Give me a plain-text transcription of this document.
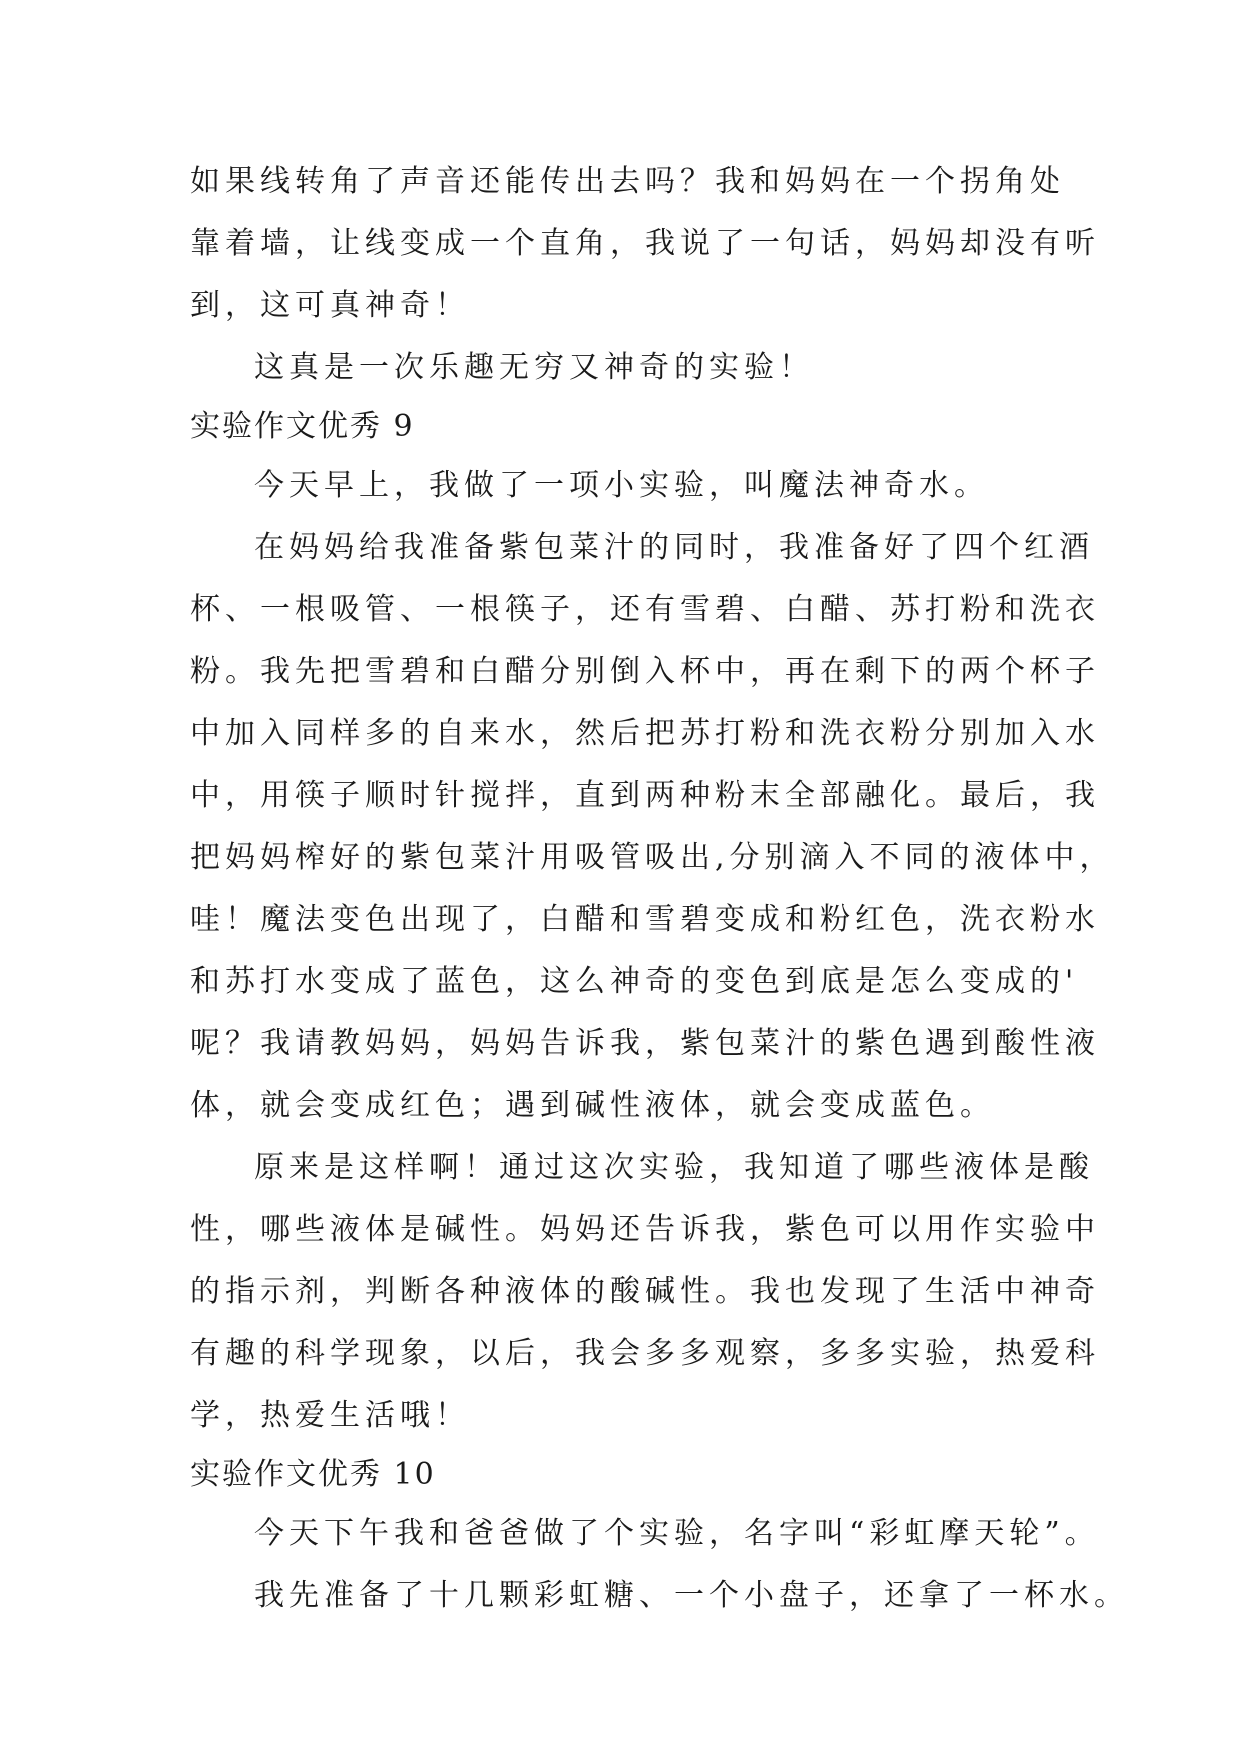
如果线转角了声音还能传出去吗？我和妈妈在一个拐角处
靠着墙，让线变成一个直角，我说了一句话，妈妈却没有听
到，这可真神奇！
这真是一次乐趣无穷又神奇的实验！
实验作文优秀 9
今天早上，我做了一项小实验，叫魔法神奇水。
在妈妈给我准备紫包菜汁的同时，我准备好了四个红酒
杯、一根吸管、一根筷子，还有雪碧、白醋、苏打粉和洗衣
粉。我先把雪碧和白醋分别倒入杯中，再在剩下的两个杯子
中加入同样多的自来水，然后把苏打粉和洗衣粉分别加入水
中，用筷子顺时针搅拌，直到两种粉末全部融化。最后，我
把妈妈榨好的紫包菜汁用吸管吸出,分别滴入不同的液体中，
哇！魔法变色出现了，白醋和雪碧变成和粉红色，洗衣粉水
和苏打水变成了蓝色，这么神奇的变色到底是怎么变成的'
呢？我请教妈妈，妈妈告诉我，紫包菜汁的紫色遇到酸性液
体，就会变成红色；遇到碱性液体，就会变成蓝色。
原来是这样啊！通过这次实验，我知道了哪些液体是酸
性，哪些液体是碱性。妈妈还告诉我，紫色可以用作实验中
的指示剂，判断各种液体的酸碱性。我也发现了生活中神奇
有趣的科学现象，以后，我会多多观察，多多实验，热爱科
学，热爱生活哦！
实验作文优秀 10
今天下午我和爸爸做了个实验，名字叫“彩虹摩天轮”。
我先准备了十几颗彩虹糖、一个小盘子，还拿了一杯水。
